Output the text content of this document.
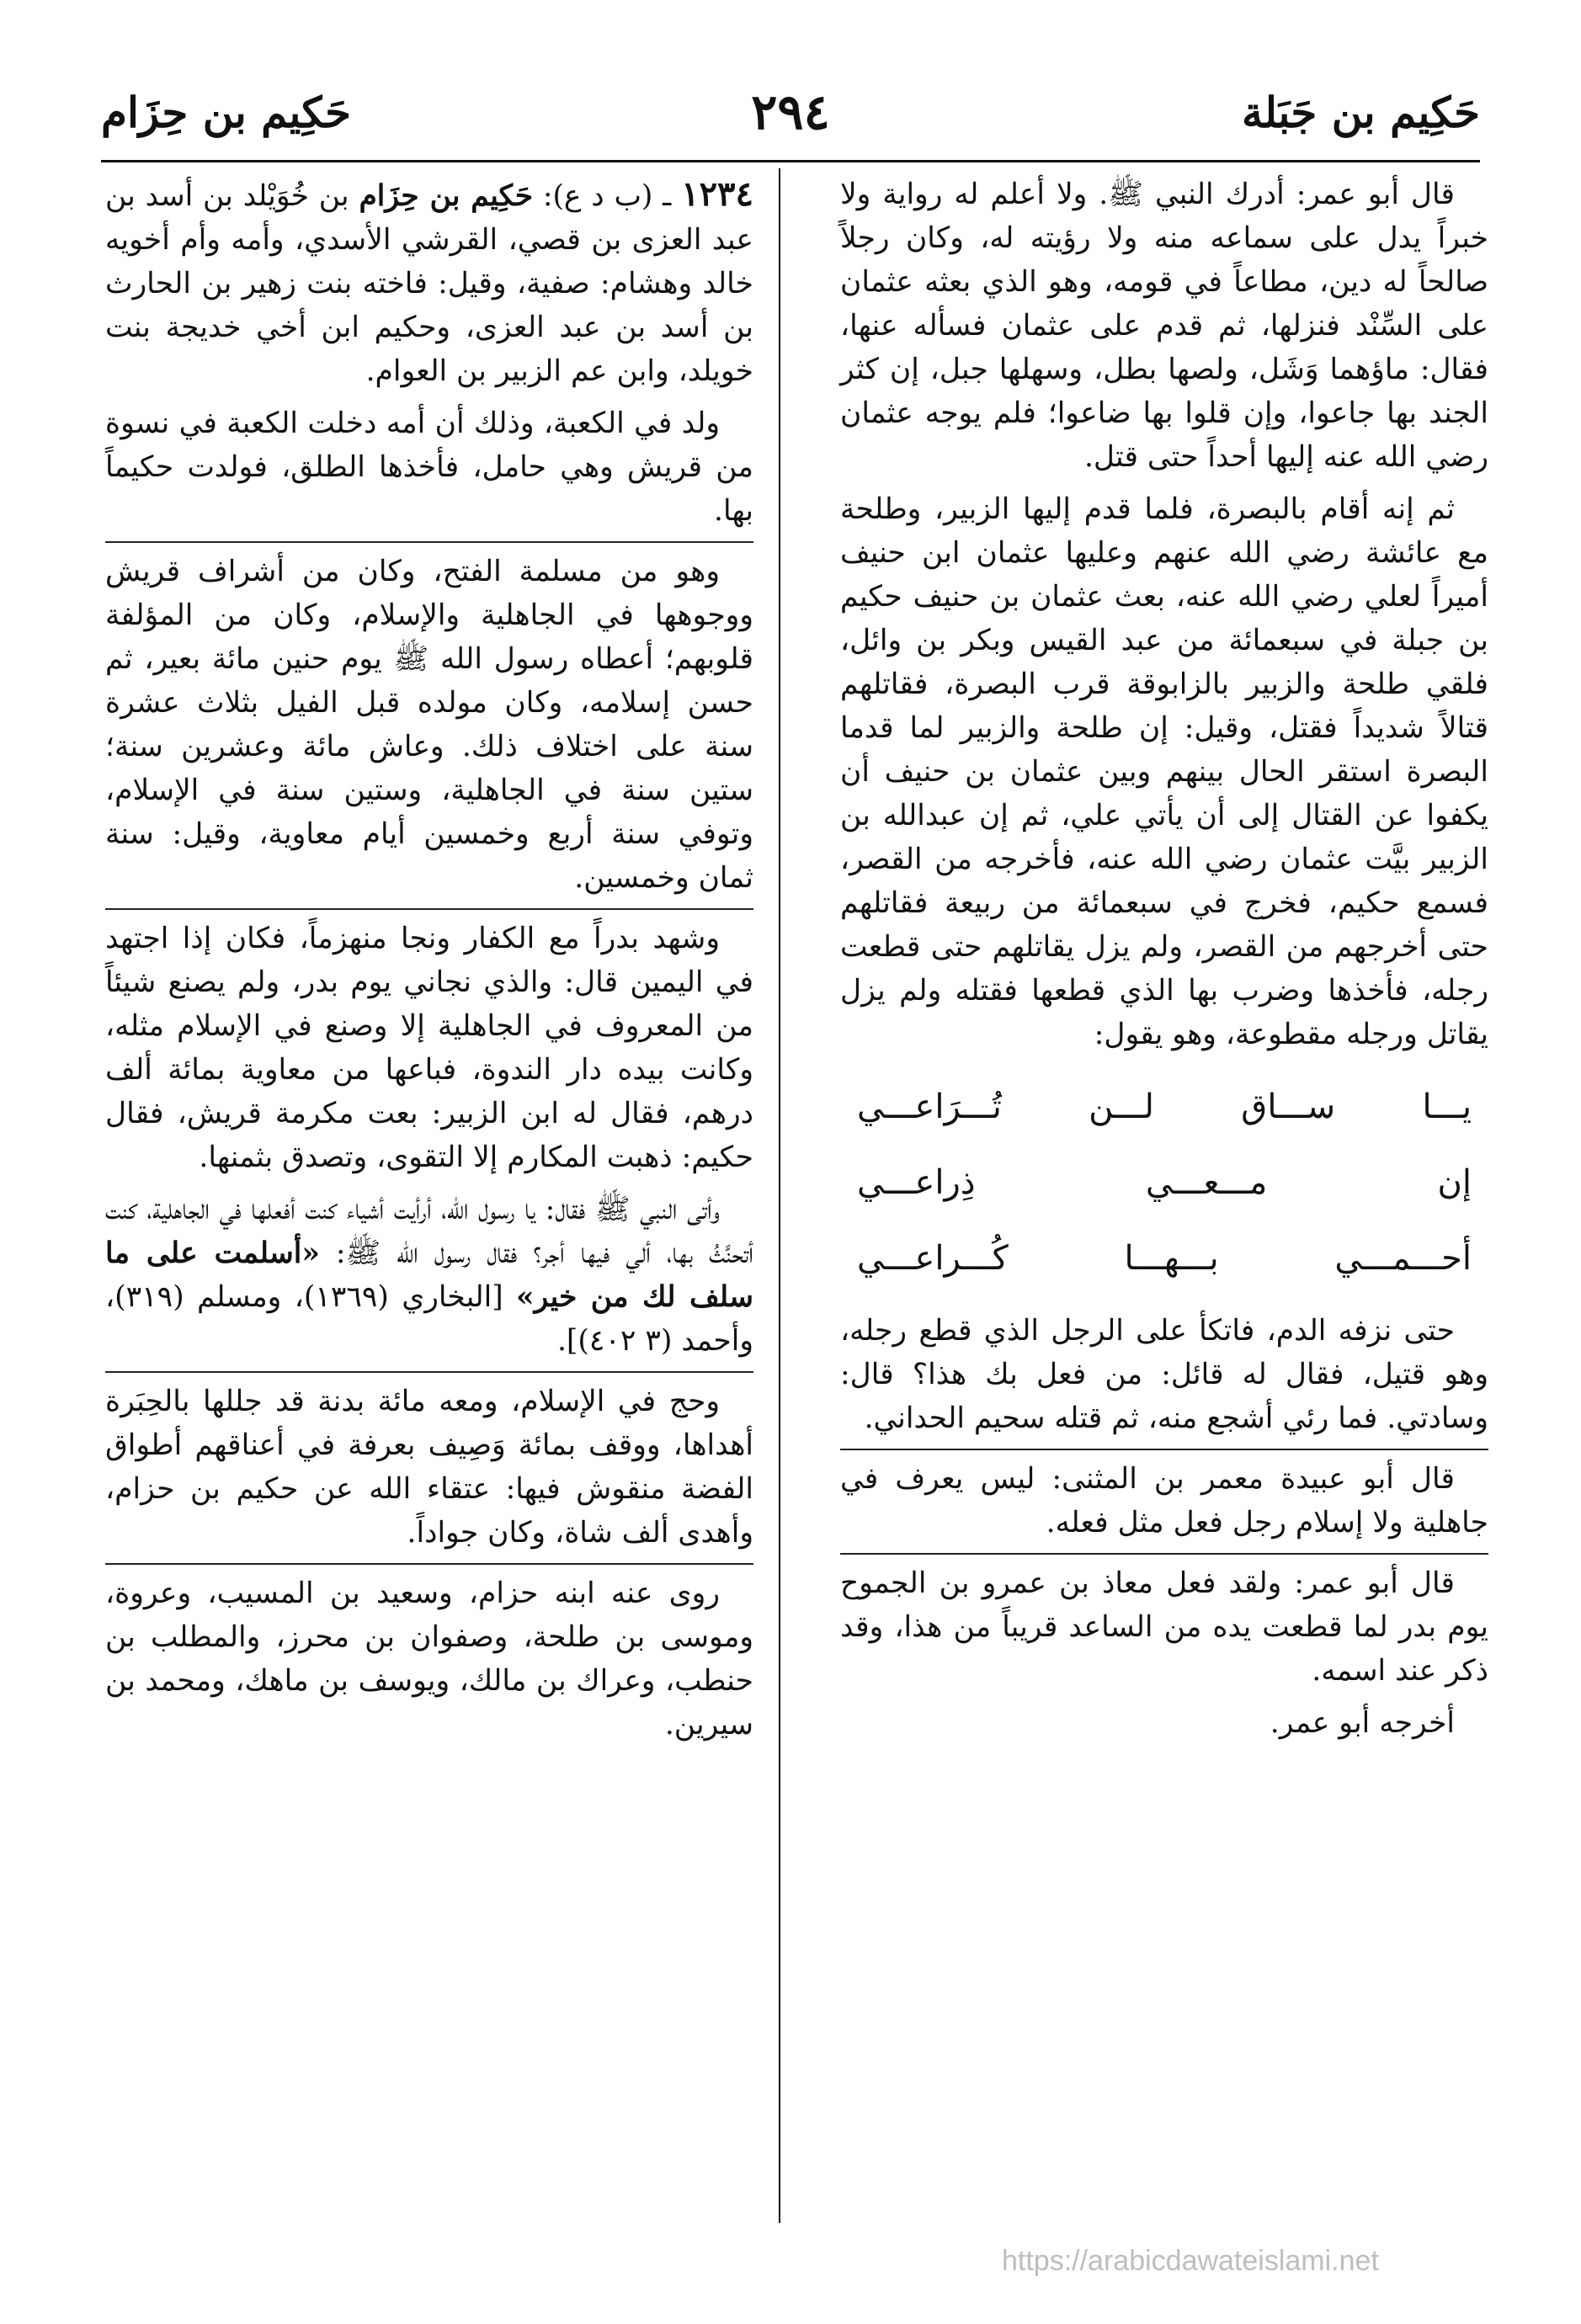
حَكِيم بن جَبَلة
٢٩٤
حَكِيم بن حِزَام

قال أبو عمر: أدرك النبي ﷺ. ولا أعلم له رواية ولا خبراً يدل على سماعه منه ولا رؤيته له، وكان رجلاً صالحاً له دين، مطاعاً في قومه، وهو الذي بعثه عثمان على السِّنْد فنزلها، ثم قدم على عثمان فسأله عنها، فقال: ماؤهما وَشَل، ولصها بطل، وسهلها جبل، إن كثر الجند بها جاعوا، وإن قلوا بها ضاعوا؛ فلم يوجه عثمان رضي الله عنه إليها أحداً حتى قتل.

ثم إنه أقام بالبصرة، فلما قدم إليها الزبير، وطلحة مع عائشة رضي الله عنهم وعليها عثمان ابن حنيف أميراً لعلي رضي الله عنه، بعث عثمان بن حنيف حكيم بن جبلة في سبعمائة من عبد القيس وبكر بن وائل، فلقي طلحة والزبير بالزابوقة قرب البصرة، فقاتلهم قتالاً شديداً فقتل، وقيل: إن طلحة والزبير لما قدما البصرة استقر الحال بينهم وبين عثمان بن حنيف أن يكفوا عن القتال إلى أن يأتي علي، ثم إن عبدالله بن الزبير بيَّت عثمان رضي الله عنه، فأخرجه من القصر، فسمع حكيم، فخرج في سبعمائة من ربيعة فقاتلهم حتى أخرجهم من القصر، ولم يزل يقاتلهم حتى قطعت رجله، فأخذها وضرب بها الذي قطعها فقتله ولم يزل يقاتل ورجله مقطوعة، وهو يقول:

يـــا ســـاق لـــن تُـــرَاعـــي
إن مـــعـــي ذِراعـــي
أحـــمـــي بـــهـــا كُـــراعـــي

حتى نزفه الدم، فاتكأ على الرجل الذي قطع رجله، وهو قتيل، فقال له قائل: من فعل بك هذا؟ قال: وسادتي. فما رئي أشجع منه، ثم قتله سحيم الحداني.

قال أبو عبيدة معمر بن المثنى: ليس يعرف في جاهلية ولا إسلام رجل فعل مثل فعله.

قال أبو عمر: ولقد فعل معاذ بن عمرو بن الجموح يوم بدر لما قطعت يده من الساعد قريباً من هذا، وقد ذكر عند اسمه.

أخرجه أبو عمر.

١٢٣٤ ـ (ب د ع): حَكِيم بن حِزَام بن خُوَيْلد بن أسد بن عبد العزى بن قصي، القرشي الأسدي، وأمه وأم أخويه خالد وهشام: صفية، وقيل: فاخته بنت زهير بن الحارث بن أسد بن عبد العزى، وحكيم ابن أخي خديجة بنت خويلد، وابن عم الزبير بن العوام.

ولد في الكعبة، وذلك أن أمه دخلت الكعبة في نسوة من قريش وهي حامل، فأخذها الطلق، فولدت حكيماً بها.

وهو من مسلمة الفتح، وكان من أشراف قريش ووجوهها في الجاهلية والإسلام، وكان من المؤلفة قلوبهم؛ أعطاه رسول الله ﷺ يوم حنين مائة بعير، ثم حسن إسلامه، وكان مولده قبل الفيل بثلاث عشرة سنة على اختلاف ذلك. وعاش مائة وعشرين سنة؛ ستين سنة في الجاهلية، وستين سنة في الإسلام، وتوفي سنة أربع وخمسين أيام معاوية، وقيل: سنة ثمان وخمسين.

وشهد بدراً مع الكفار ونجا منهزماً، فكان إذا اجتهد في اليمين قال: والذي نجاني يوم بدر، ولم يصنع شيئاً من المعروف في الجاهلية إلا وصنع في الإسلام مثله، وكانت بيده دار الندوة، فباعها من معاوية بمائة ألف درهم، فقال له ابن الزبير: بعت مكرمة قريش، فقال حكيم: ذهبت المكارم إلا التقوى، وتصدق بثمنها.

وأتى النبي ﷺ فقال: يا رسول الله، أرأيت أشياء كنت أفعلها في الجاهلية، كنت أتحنَّثُ بها، ألي فيها أجر؟ فقال رسول الله ﷺ: «أسلمت على ما سلف لك من خير» [البخاري (١٣٦٩)، ومسلم (٣١٩)، وأحمد (٣ ٤٠٢)].

وحج في الإسلام، ومعه مائة بدنة قد جللها بالحِبَرة أهداها، ووقف بمائة وَصِيف بعرفة في أعناقهم أطواق الفضة منقوش فيها: عتقاء الله عن حكيم بن حزام، وأهدى ألف شاة، وكان جواداً.

روى عنه ابنه حزام، وسعيد بن المسيب، وعروة، وموسى بن طلحة، وصفوان بن محرز، والمطلب بن حنطب، وعراك بن مالك، ويوسف بن ماهك، ومحمد بن سيرين.

https://arabicdawateislami.net
